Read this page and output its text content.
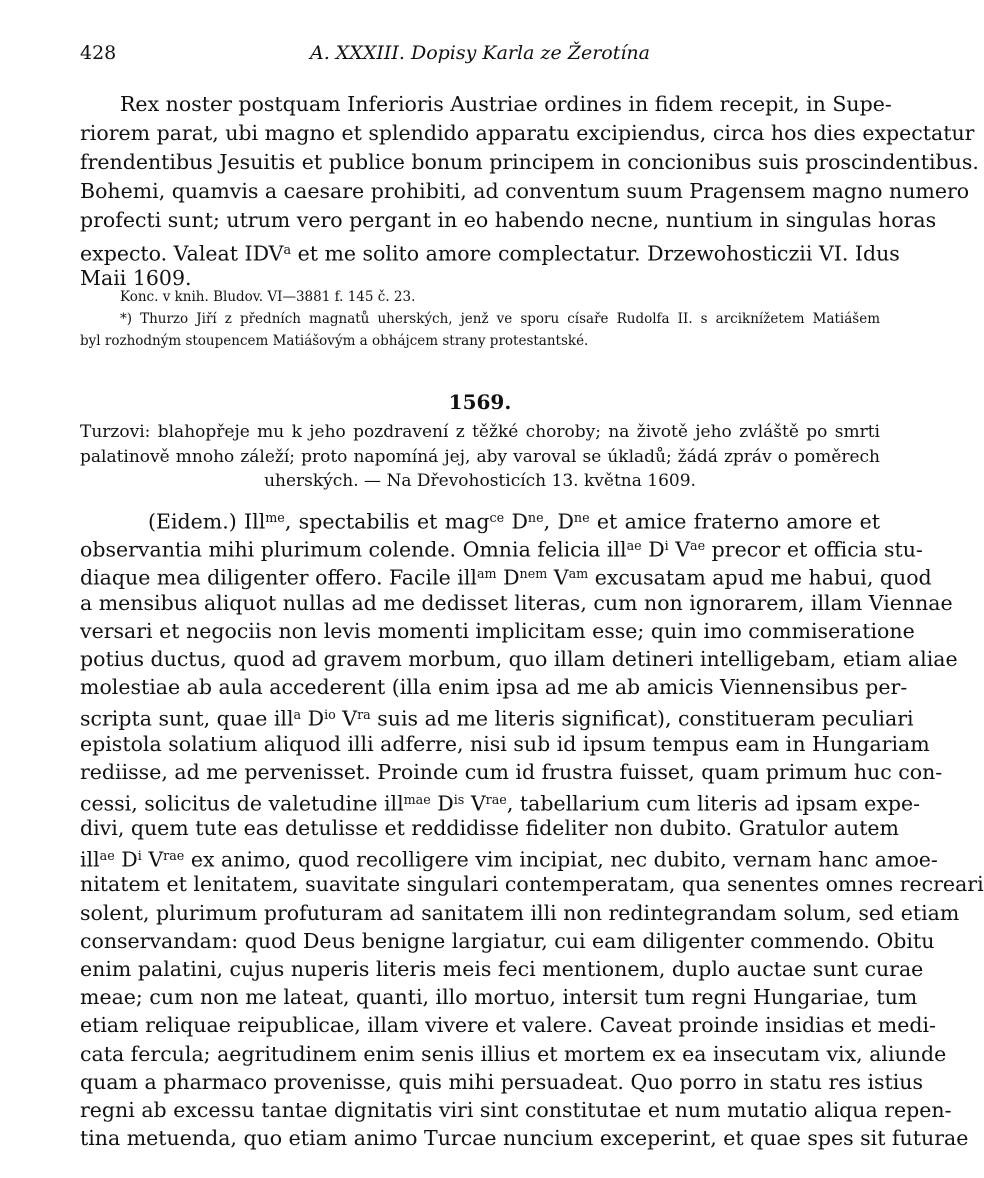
428	A. XXXIII. Dopisy Karla ze Žerotína
Rex noster postquam Inferioris Austriae ordines in fidem recepit, in Supe-
riorem parat, ubi magno et splendido apparatu excipiendus, circa hos dies expectatur
frendentibus Jesuitis et publice bonum principem in concionibus suis proscindentibus.
Bohemi, quamvis a caesare prohibiti, ad conventum suum Pragensem magno numero
profecti sunt; utrum vero pergant in eo habendo necne, nuntium in singulas horas
expecto. Valeat IDV$^a$ et me solito amore complectatur. Drzewohosticzii VI. Idus
Maii 1609.
Konc. v knih. Bludov. VI—3881 f. 145 č. 23.
*) Thurzo Jiří z předních magnatů uherských, jenž ve sporu císaře Rudolfa II. s arciknížetem Matiášem
byl rozhodným stoupencem Matiášovým a obhájcem strany protestantské.
1569.
Turzovi: blahopřeje mu k jeho pozdravení z těžké choroby; na životě jeho zvláště po smrti
palatinově mnoho záleží; proto napomíná jej, aby varoval se úkladů; žádá zpráv o poměrech
uherských. — Na Dřevohosticích 13. května 1609.
(Eidem.) Ill$^{me}$, spectabilis et mag$^{ce}$ $D^{ne}$, $D^{ne}$ et amice fraterno amore et
observantia mihi plurimum colende. Omnia felicia ill$^{ae}$ $D^i$ $V^{ae}$ precor et officia stu-
diaque mea diligenter offero. Facile ill$^{am}$ $D^{nem}$ $V^{am}$ excusatam apud me habui, quod
a mensibus aliquot nullas ad me dedisset literas, cum non ignorarem, illam Viennae
versari et negociis non levis momenti implicitam esse; quin imo commiseratione
potius ductus, quod ad gravem morbum, quo illam detineri intelligebam, etiam aliae
molestiae ab aula accederent (illa enim ipsa ad me ab amicis Viennensibus per-
scripta sunt, quae ill$^a$ $D^{io}$ $V^{ra}$ suis ad me literis significat), constitueram peculiari
epistola solatium aliquod illi adferre, nisi sub id ipsum tempus eam in Hungariam
rediisse, ad me pervenisset. Proinde cum id frustra fuisset, quam primum huc con-
cessi, solicitus de valetudine ill$^{mae}$ $D^{is}$ $V^{rae}$, tabellarium cum literis ad ipsam expe-
divi, quem tute eas detulisse et reddidisse fideliter non dubito. Gratulor autem
ill$^{ae}$ $D^i$ $V^{rae}$ ex animo, quod recolligere vim incipiat, nec dubito, vernam hanc amoe-
nitatem et lenitatem, suavitate singulari contemperatam, qua senentes omnes recreari
solent, plurimum profuturam ad sanitatem illi non redintegrandam solum, sed etiam
conservandam: quod Deus benigne largiatur, cui eam diligenter commendo. Obitu
enim palatini, cujus nuperis literis meis feci mentionem, duplo auctae sunt curae
meae; cum non me lateat, quanti, illo mortuo, intersit tum regni Hungariae, tum
etiam reliquae reipublicae, illam vivere et valere. Caveat proinde insidias et medi-
cata fercula; aegritudinem enim senis illius et mortem ex ea insecutam vix, aliunde
quam a pharmaco provenisse, quis mihi persuadeat. Quo porro in statu res istius
regni ab excessu tantae dignitatis viri sint constitutae et num mutatio aliqua repen-
tina metuenda, quo etiam animo Turcae nuncium exceperint, et quae spes sit futurae
